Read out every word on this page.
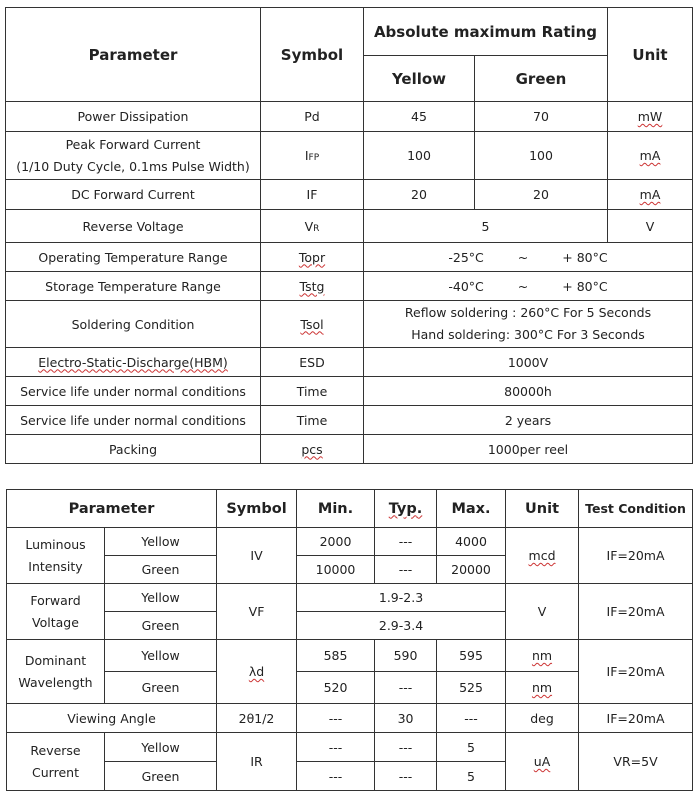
Parameter	Symbol	Absolute maximum Rating		Unit
		Yellow	Green	
Power Dissipation	Pd	45	70	mW
Peak Forward Current
(1/10 Duty Cycle, 0.1ms Pulse Width)	IFP	100	100	mA
DC Forward Current	IF	20	20	mA
Reverse Voltage	VR	5		V
Operating Temperature Range	Topr	-25°C ~ + 80°C		
Storage Temperature Range	Tstg	-40°C ~ + 80°C		
Soldering Condition	Tsol	Reflow soldering : 260°C For 5 Seconds
Hand soldering: 300°C For 3 Seconds		
Electro-Static-Discharge(HBM)	ESD	1000V		
Service life under normal conditions	Time	80000h		
Service life under normal conditions	Time	2 years		
Packing	pcs	1000per reel		
Parameter		Symbol	Min.	Typ.	Max.	Unit	Test Condition
Luminous
Intensity	Yellow	IV	2000	---	4000	mcd	IF=20mA
	Green		10000	---	20000		
Forward
Voltage	Yellow	VF	1.9-2.3			V	IF=20mA
	Green		2.9-3.4				
Dominant
Wavelength	Yellow	λd	585	590	595	nm	IF=20mA
	Green		520	---	525	nm	
Viewing Angle		2θ1/2	---	30	---	deg	IF=20mA
Reverse
Current	Yellow	IR	---	---	5	uA	VR=5V
	Green		---	---	5		
